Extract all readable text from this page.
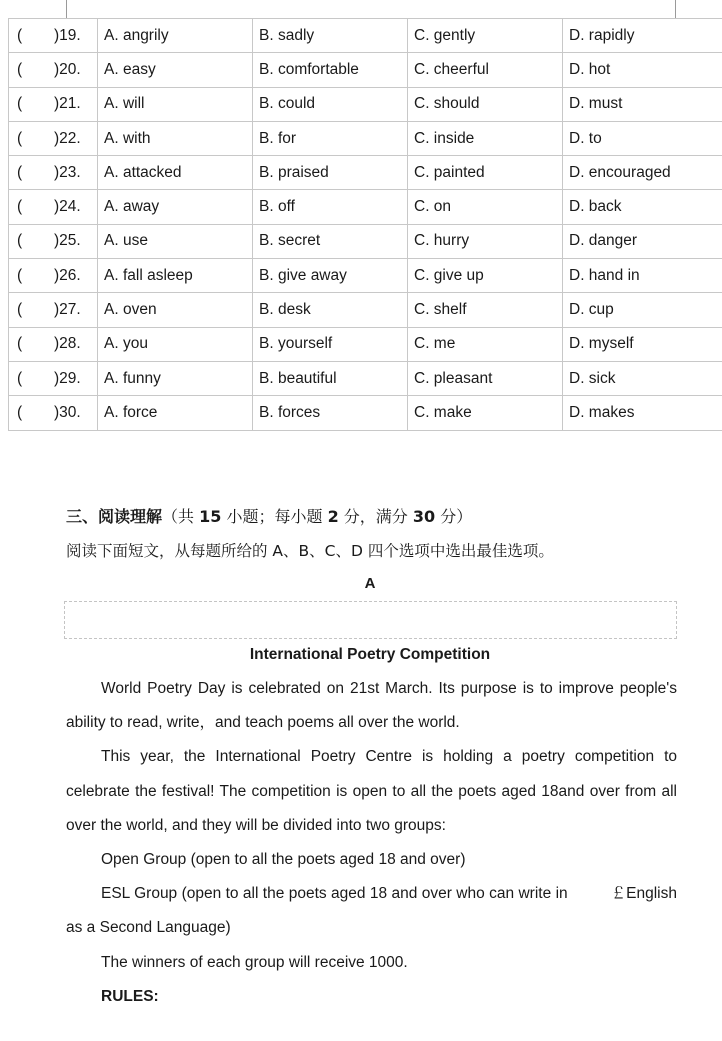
( )19.	A. angrily	B. sadly	C. gently	D. rapidly
( )20.	A. easy	B. comfortable	C. cheerful	D. hot
( )21.	A. will	B. could	C. should	D. must
( )22.	A. with	B. for	C. inside	D. to
( )23.	A. attacked	B. praised	C. painted	D. encouraged
( )24.	A. away	B. off	C. on	D. back
( )25.	A. use	B. secret	C. hurry	D. danger
( )26.	A. fall asleep	B. give away	C. give up	D. hand in
( )27.	A. oven	B. desk	C. shelf	D. cup
( )28.	A. you	B. yourself	C. me	D. myself
( )29.	A. funny	B. beautiful	C. pleasant	D. sick
( )30.	A. force	B. forces	C. make	D. makes
三、阅读理解（共 15 小题；每小题 2 分，满分 30 分）
阅读下面短文，从每题所给的 A、B、C、D 四个选项中选出最佳选项。
A
International Poetry Competition

World Poetry Day is celebrated on 21st March. Its purpose is to improve people's ability to read, write，and teach poems all over the world.

This year, the International Poetry Centre is holding a poetry competition to celebrate the festival! The competition is open to all the poets aged 18and over from all over the world, and they will be divided into two groups:

Open Group (open to all the poets aged 18 and over)

ESL Group (open to all the poets aged 18 and over who can write in	￡English as a Second Language)

The winners of each group will receive 1000.

RULES:
